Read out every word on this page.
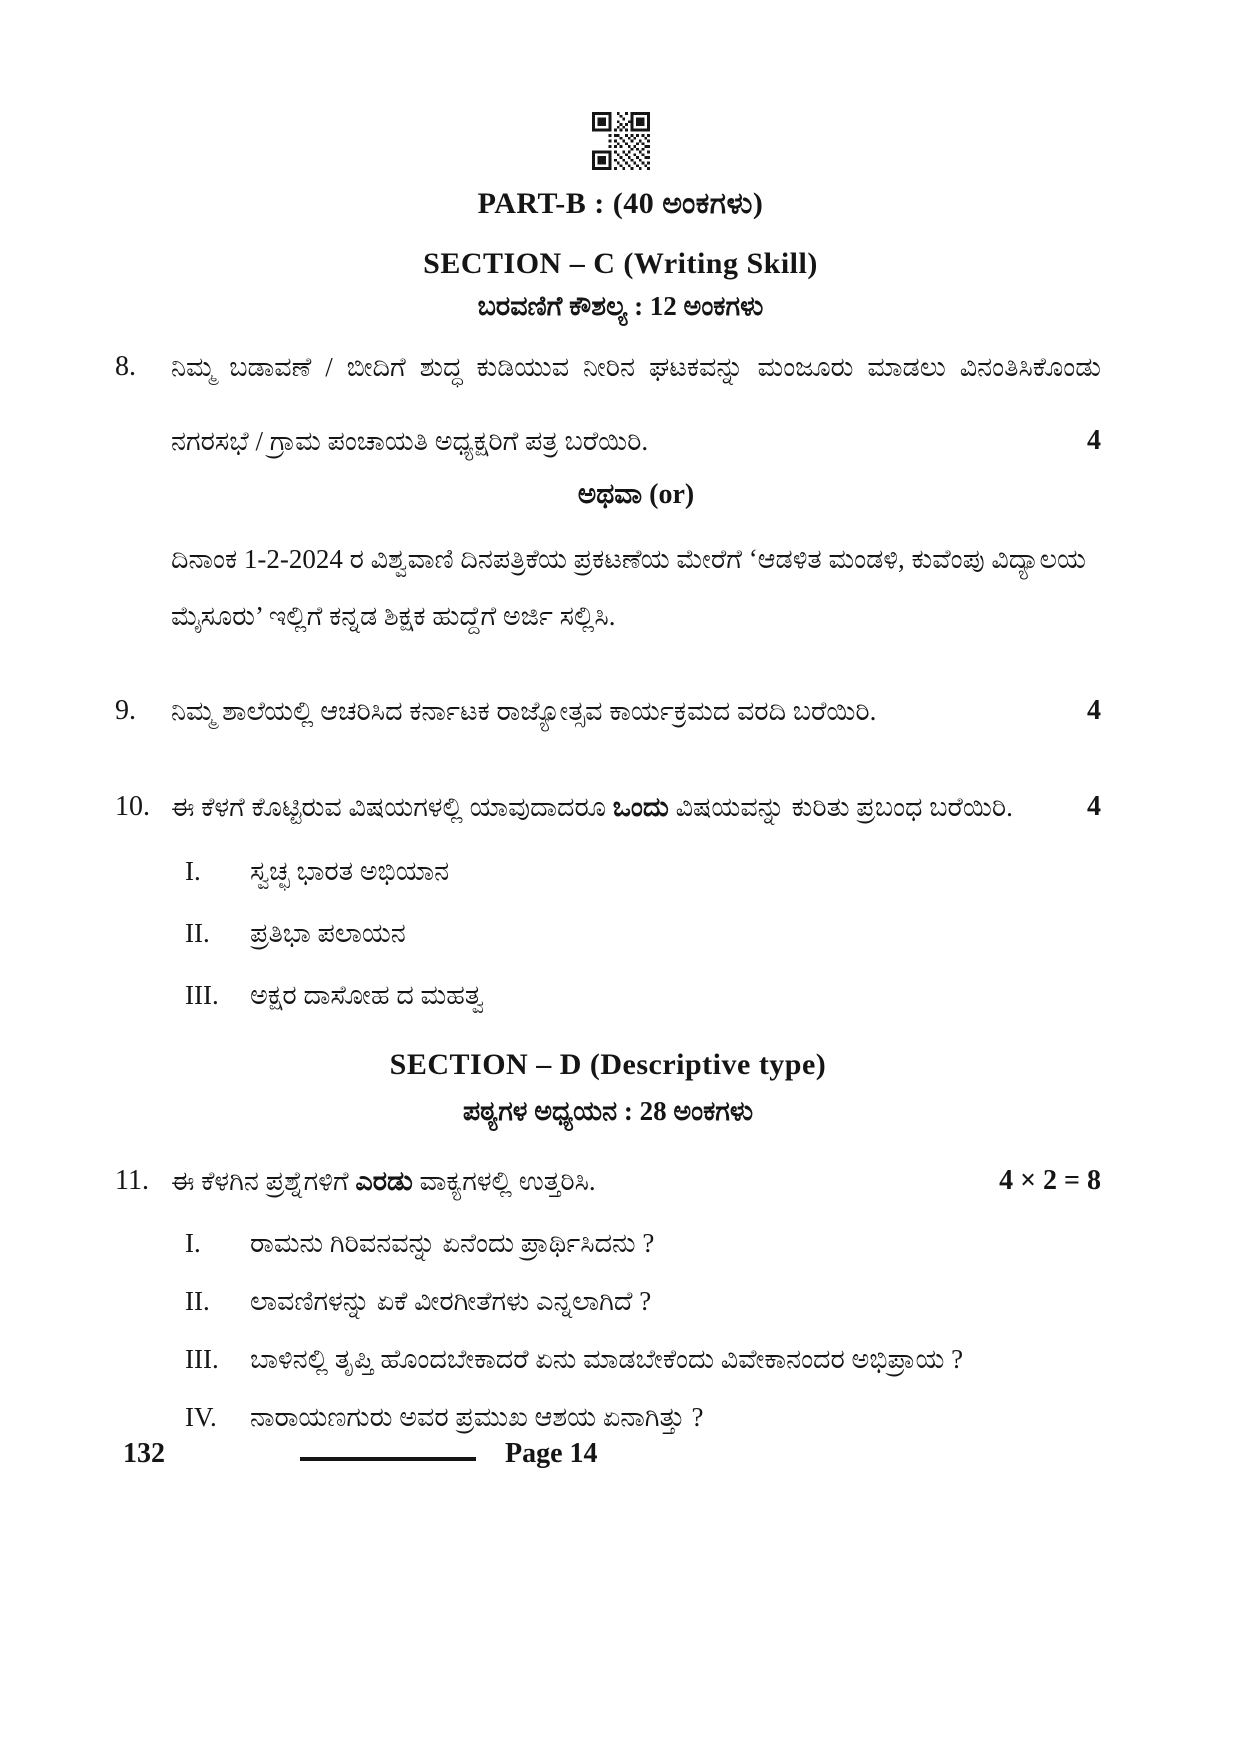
PART-B : (40 ಅಂಕಗಳು)
SECTION – C (Writing Skill)
ಬರವಣಿಗೆ ಕೌಶಲ್ಯ : 12 ಅಂಕಗಳು
8.	ನಿಮ್ಮ ಬಡಾವಣೆ / ಬೀದಿಗೆ ಶುದ್ಧ ಕುಡಿಯುವ ನೀರಿನ ಘಟಕವನ್ನು ಮಂಜೂರು ಮಾಡಲು ವಿನಂತಿಸಿಕೊಂಡು
ನಗರಸಭೆ / ಗ್ರಾಮ ಪಂಚಾಯತಿ ಅಧ್ಯಕ್ಷರಿಗೆ ಪತ್ರ ಬರೆಯಿರಿ.	4
ಅಥವಾ (or)
ದಿನಾಂಕ 1-2-2024 ರ ವಿಶ್ವವಾಣಿ ದಿನಪತ್ರಿಕೆಯ ಪ್ರಕಟಣೆಯ ಮೇರೆಗೆ ‘ಆಡಳಿತ ಮಂಡಳಿ, ಕುವೆಂಪು ವಿದ್ಯಾಲಯ
ಮೈಸೂರು’ ಇಲ್ಲಿಗೆ ಕನ್ನಡ ಶಿಕ್ಷಕ ಹುದ್ದೆಗೆ ಅರ್ಜಿ ಸಲ್ಲಿಸಿ.
9.	ನಿಮ್ಮ ಶಾಲೆಯಲ್ಲಿ ಆಚರಿಸಿದ ಕರ್ನಾಟಕ ರಾಜ್ಯೋತ್ಸವ ಕಾರ್ಯಕ್ರಮದ ವರದಿ ಬರೆಯಿರಿ.	4
10. ಈ ಕೆಳಗೆ ಕೊಟ್ಟಿರುವ ವಿಷಯಗಳಲ್ಲಿ ಯಾವುದಾದರೂ ಒಂದು ವಿಷಯವನ್ನು ಕುರಿತು ಪ್ರಬಂಧ ಬರೆಯಿರಿ.	4
I.	ಸ್ವಚ್ಛ ಭಾರತ ಅಭಿಯಾನ
II.	ಪ್ರತಿಭಾ ಪಲಾಯನ
III.	ಅಕ್ಷರ ದಾಸೋಹ ದ ಮಹತ್ವ
SECTION – D (Descriptive type)
ಪಠ್ಯಗಳ ಅಧ್ಯಯನ : 28 ಅಂಕಗಳು
11. ಈ ಕೆಳಗಿನ ಪ್ರಶ್ನೆಗಳಿಗೆ ಎರಡು ವಾಕ್ಯಗಳಲ್ಲಿ ಉತ್ತರಿಸಿ.	4 × 2 = 8
I.	ರಾಮನು ಗಿರಿವನವನ್ನು ಏನೆಂದು ಪ್ರಾರ್ಥಿಸಿದನು ?
II.	ಲಾವಣಿಗಳನ್ನು ಏಕೆ ವೀರಗೀತೆಗಳು ಎನ್ನಲಾಗಿದೆ ?
III.	ಬಾಳಿನಲ್ಲಿ ತೃಪ್ತಿ ಹೊಂದಬೇಕಾದರೆ ಏನು ಮಾಡಬೇಕೆಂದು ವಿವೇಕಾನಂದರ ಅಭಿಪ್ರಾಯ ?
IV.	ನಾರಾಯಣಗುರು ಅವರ ಪ್ರಮುಖ ಆಶಯ ಏನಾಗಿತ್ತು ?
132	Page 14
